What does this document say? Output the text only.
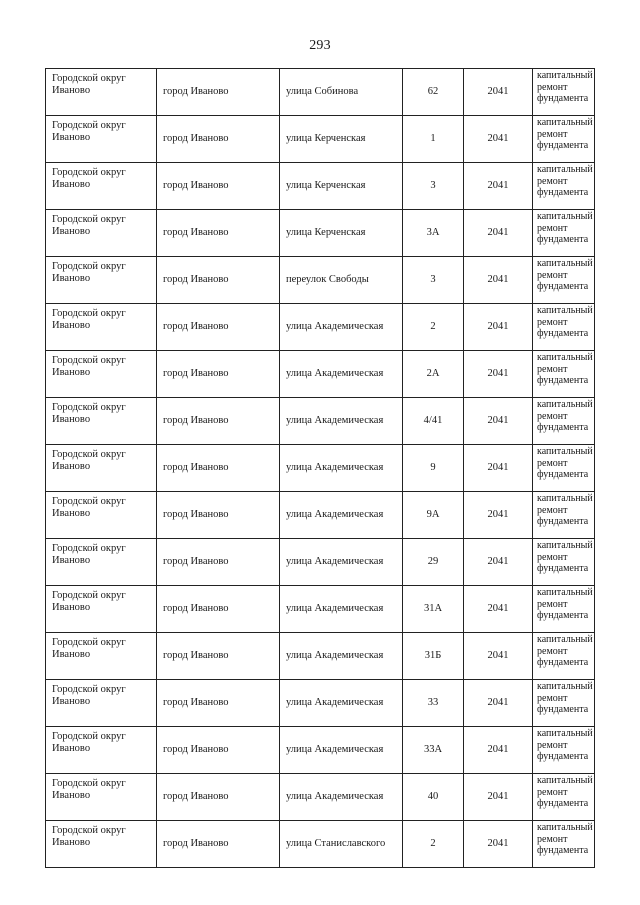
293
Городской округ Иваново	город Иваново	улица Собинова	62	2041	капитальный
ремонт
фундамента

Городской округ Иваново	город Иваново	улица Керченская	1	2041	капитальный
ремонт
фундамента

Городской округ Иваново	город Иваново	улица Керченская	3	2041	капитальный
ремонт
фундамента

Городской округ Иваново	город Иваново	улица Керченская	3А	2041	капитальный
ремонт
фундамента

Городской округ Иваново	город Иваново	переулок Свободы	3	2041	капитальный
ремонт
фундамента

Городской округ Иваново	город Иваново	улица Академическая	2	2041	капитальный
ремонт
фундамента

Городской округ Иваново	город Иваново	улица Академическая	2А	2041	капитальный
ремонт
фундамента

Городской округ Иваново	город Иваново	улица Академическая	4/41	2041	капитальный
ремонт
фундамента

Городской округ Иваново	город Иваново	улица Академическая	9	2041	капитальный
ремонт
фундамента

Городской округ Иваново	город Иваново	улица Академическая	9А	2041	капитальный
ремонт
фундамента

Городской округ Иваново	город Иваново	улица Академическая	29	2041	капитальный
ремонт
фундамента

Городской округ Иваново	город Иваново	улица Академическая	31А	2041	капитальный
ремонт
фундамента

Городской округ Иваново	город Иваново	улица Академическая	31Б	2041	капитальный
ремонт
фундамента

Городской округ Иваново	город Иваново	улица Академическая	33	2041	капитальный
ремонт
фундамента

Городской округ Иваново	город Иваново	улица Академическая	33А	2041	капитальный
ремонт
фундамента

Городской округ Иваново	город Иваново	улица Академическая	40	2041	капитальный
ремонт
фундамента

Городской округ Иваново	город Иваново	улица Станиславского	2	2041	капитальный
ремонт
фундамента
